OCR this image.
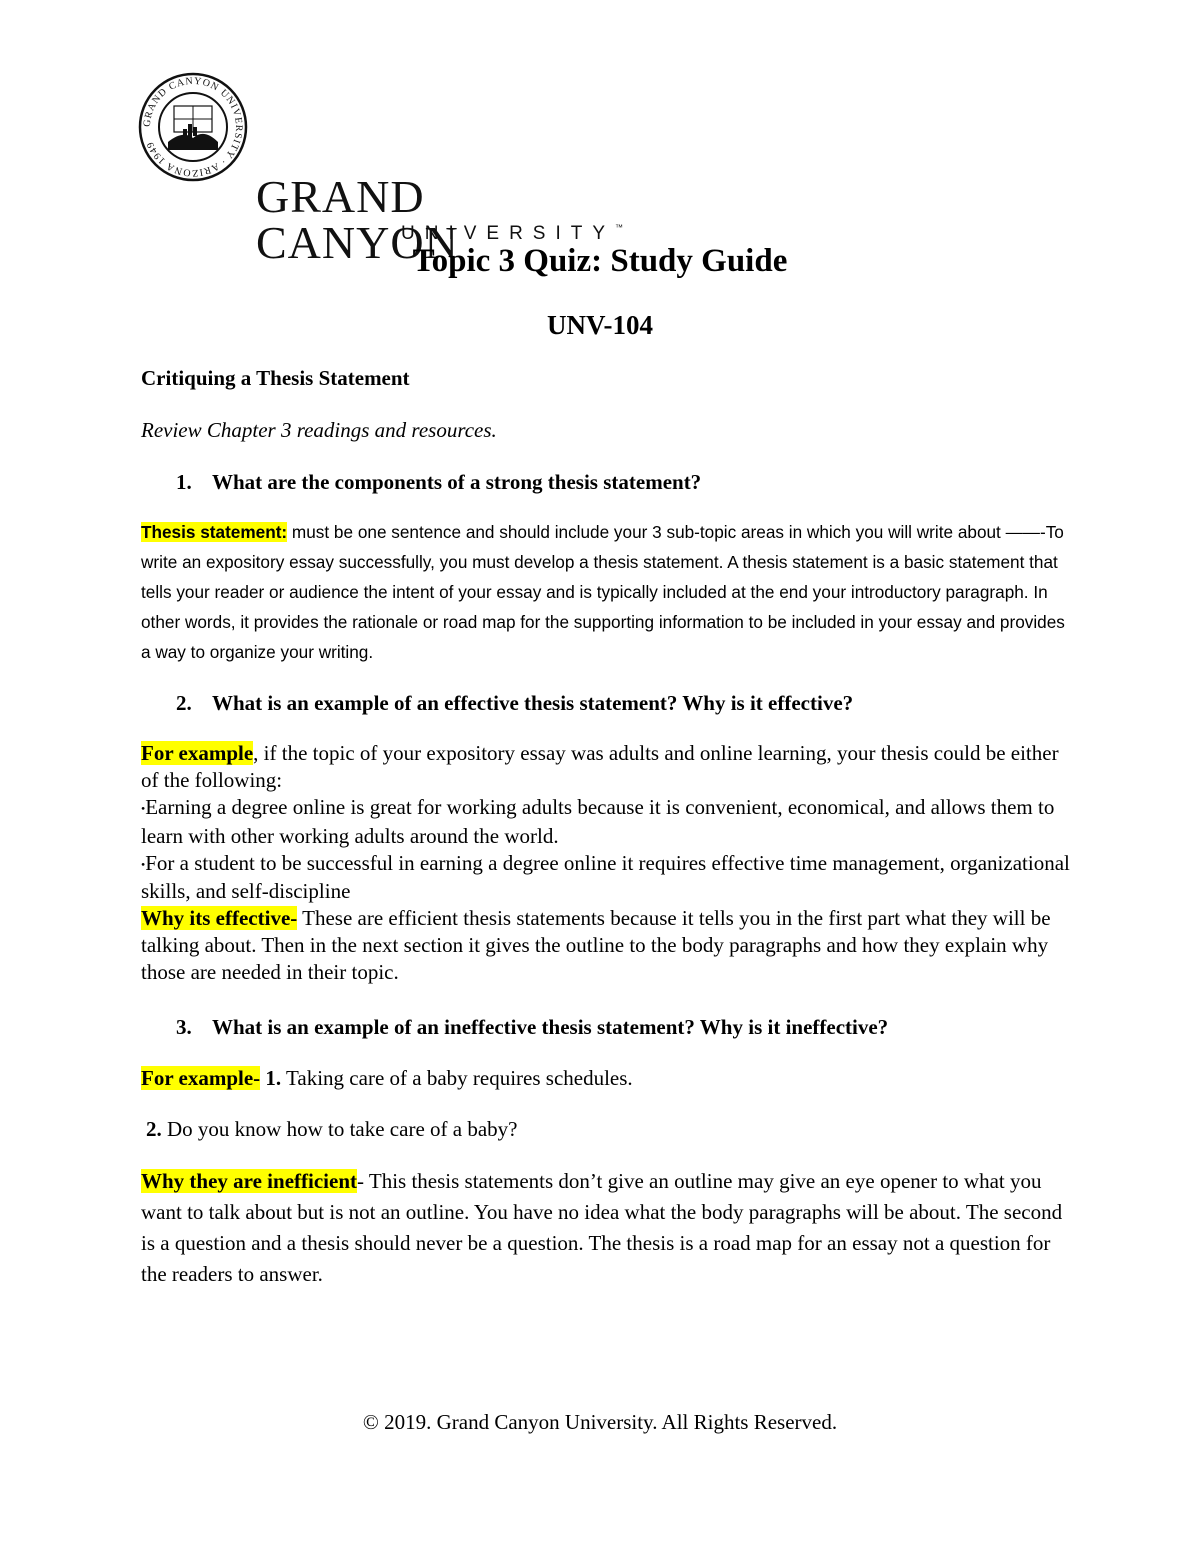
GRAND CANYON UNIVERSITY · ARIZONA 1949

GRAND CANYON

UNIVERSITY™

Topic 3 Quiz: Study Guide
UNV-104

Critiquing a Thesis Statement

Review Chapter 3 readings and resources.

1. What are the components of a strong thesis statement?

Thesis statement: must be one sentence and should include your 3 sub-topic areas in which you will write about ——-To write an expository essay successfully, you must develop a thesis statement. A thesis statement is a basic statement that tells your reader or audience the intent of your essay and is typically included at the end your introductory paragraph. In other words, it provides the rationale or road map for the supporting information to be included in your essay and provides a way to organize your writing.

2. What is an example of an effective thesis statement? Why is it effective?

For example, if the topic of your expository essay was adults and online learning, your thesis could be either of the following:

•Earning a degree online is great for working adults because it is convenient, economical, and allows them to learn with other working adults around the world.

•For a student to be successful in earning a degree online it requires effective time management, organizational skills, and self-discipline

Why its effective- These are efficient thesis statements because it tells you in the first part what they will be talking about. Then in the next section it gives the outline to the body paragraphs and how they explain why those are needed in their topic.

3. What is an example of an ineffective thesis statement? Why is it ineffective?

For example- 1. Taking care of a baby requires schedules.

2. Do you know how to take care of a baby?

Why they are inefficient- This thesis statements don’t give an outline may give an eye opener to what you want to talk about but is not an outline. You have no idea what the body paragraphs will be about. The second is a question and a thesis should never be a question. The thesis is a road map for an essay not a question for the readers to answer.

© 2019. Grand Canyon University. All Rights Reserved.
